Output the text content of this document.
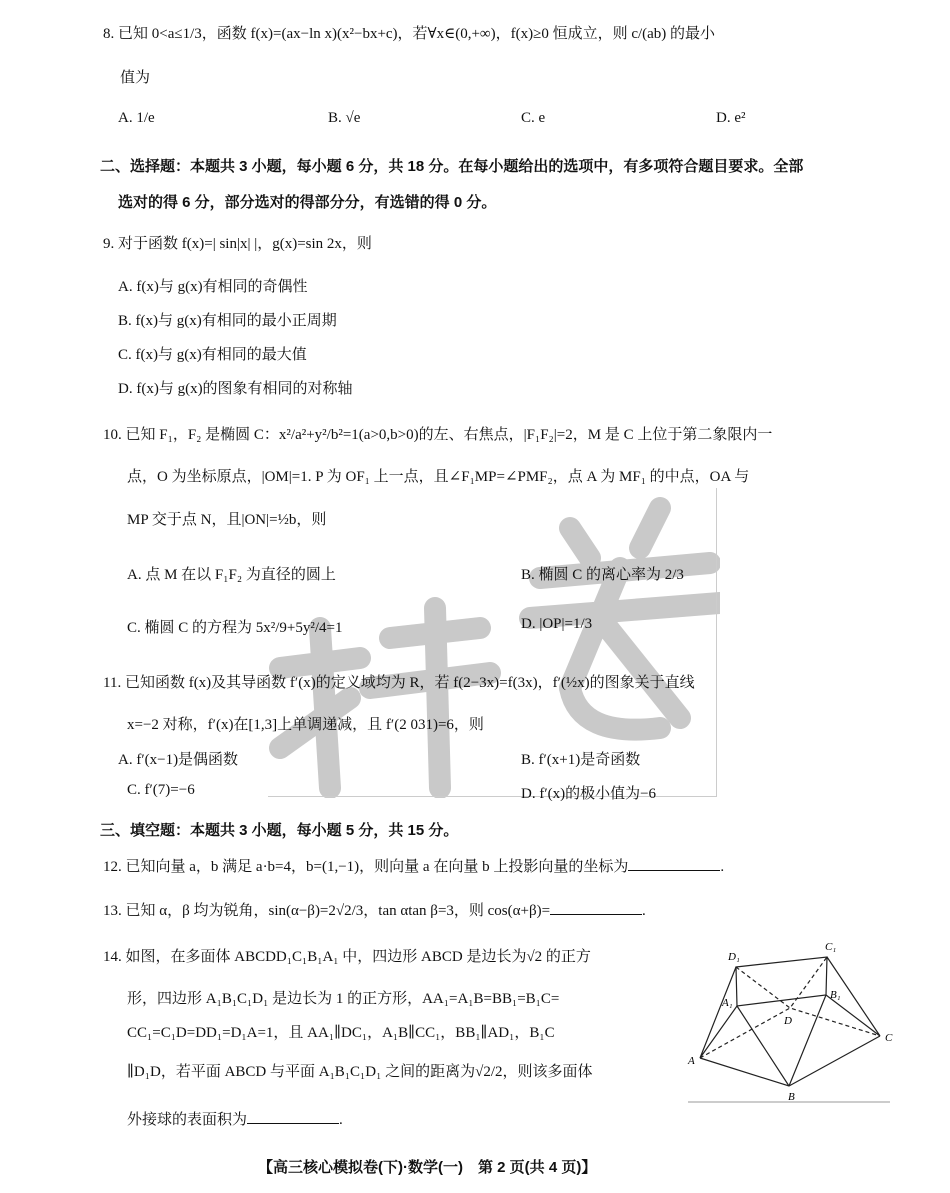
8. 已知 0<a≤1/3，函数 f(x)=(ax−ln x)(x²−bx+c)，若∀x∈(0,+∞)，f(x)≥0 恒成立，则 c/(ab) 的最小
值为
A. 1/e	B. √e	C. e	D. e²
二、选择题：本题共 3 小题，每小题 6 分，共 18 分。在每小题给出的选项中，有多项符合题目要求。全部
选对的得 6 分，部分选对的得部分分，有选错的得 0 分。
9. 对于函数 f(x)=| sin|x| |，g(x)=sin 2x，则
A. f(x)与 g(x)有相同的奇偶性
B. f(x)与 g(x)有相同的最小正周期
C. f(x)与 g(x)有相同的最大值
D. f(x)与 g(x)的图象有相同的对称轴
10. 已知 F₁，F₂ 是椭圆 C：x²/a²+y²/b²=1(a>0,b>0)的左、右焦点，|F₁F₂|=2，M 是 C 上位于第二象限内一
点，O 为坐标原点，|OM|=1. P 为 OF₁ 上一点，且∠F₁MP=∠PMF₂，点 A 为 MF₁ 的中点，OA 与
MP 交于点 N，且|ON|=½b，则
A. 点 M 在以 F₁F₂ 为直径的圆上	B. 椭圆 C 的离心率为 2/3
C. 椭圆 C 的方程为 5x²/9+5y²/4=1	D. |OP|=1/3
11. 已知函数 f(x)及其导函数 f′(x)的定义域均为 R，若 f(2−3x)=f(3x)，f′(½x)的图象关于直线
x=−2 对称，f′(x)在[1,3]上单调递减，且 f′(2 031)=6，则
A. f′(x−1)是偶函数	B. f′(x+1)是奇函数
C. f′(7)=−6	D. f′(x)的极小值为−6
三、填空题：本题共 3 小题，每小题 5 分，共 15 分。
12. 已知向量 a，b 满足 a·b=4，b=(1,−1)，则向量 a 在向量 b 上投影向量的坐标为	.
13. 已知 α，β 均为锐角，sin(α−β)=2√2/3，tan αtan β=3，则 cos(α+β)=	.
14. 如图，在多面体 ABCDD₁C₁B₁A₁ 中，四边形 ABCD 是边长为√2 的正方
形，四边形 A₁B₁C₁D₁ 是边长为 1 的正方形，AA₁=A₁B=BB₁=B₁C=
CC₁=C₁D=DD₁=D₁A=1，且 AA₁∥DC₁，A₁B∥CC₁，BB₁∥AD₁，B₁C
∥D₁D，若平面 ABCD 与平面 A₁B₁C₁D₁ 之间的距离为√2/2，则该多面体
外接球的表面积为	.
D₁
C₁
A₁
B₁
D
A
B
C
【高三核心模拟卷(下)·数学(一)　第 2 页(共 4 页)】
